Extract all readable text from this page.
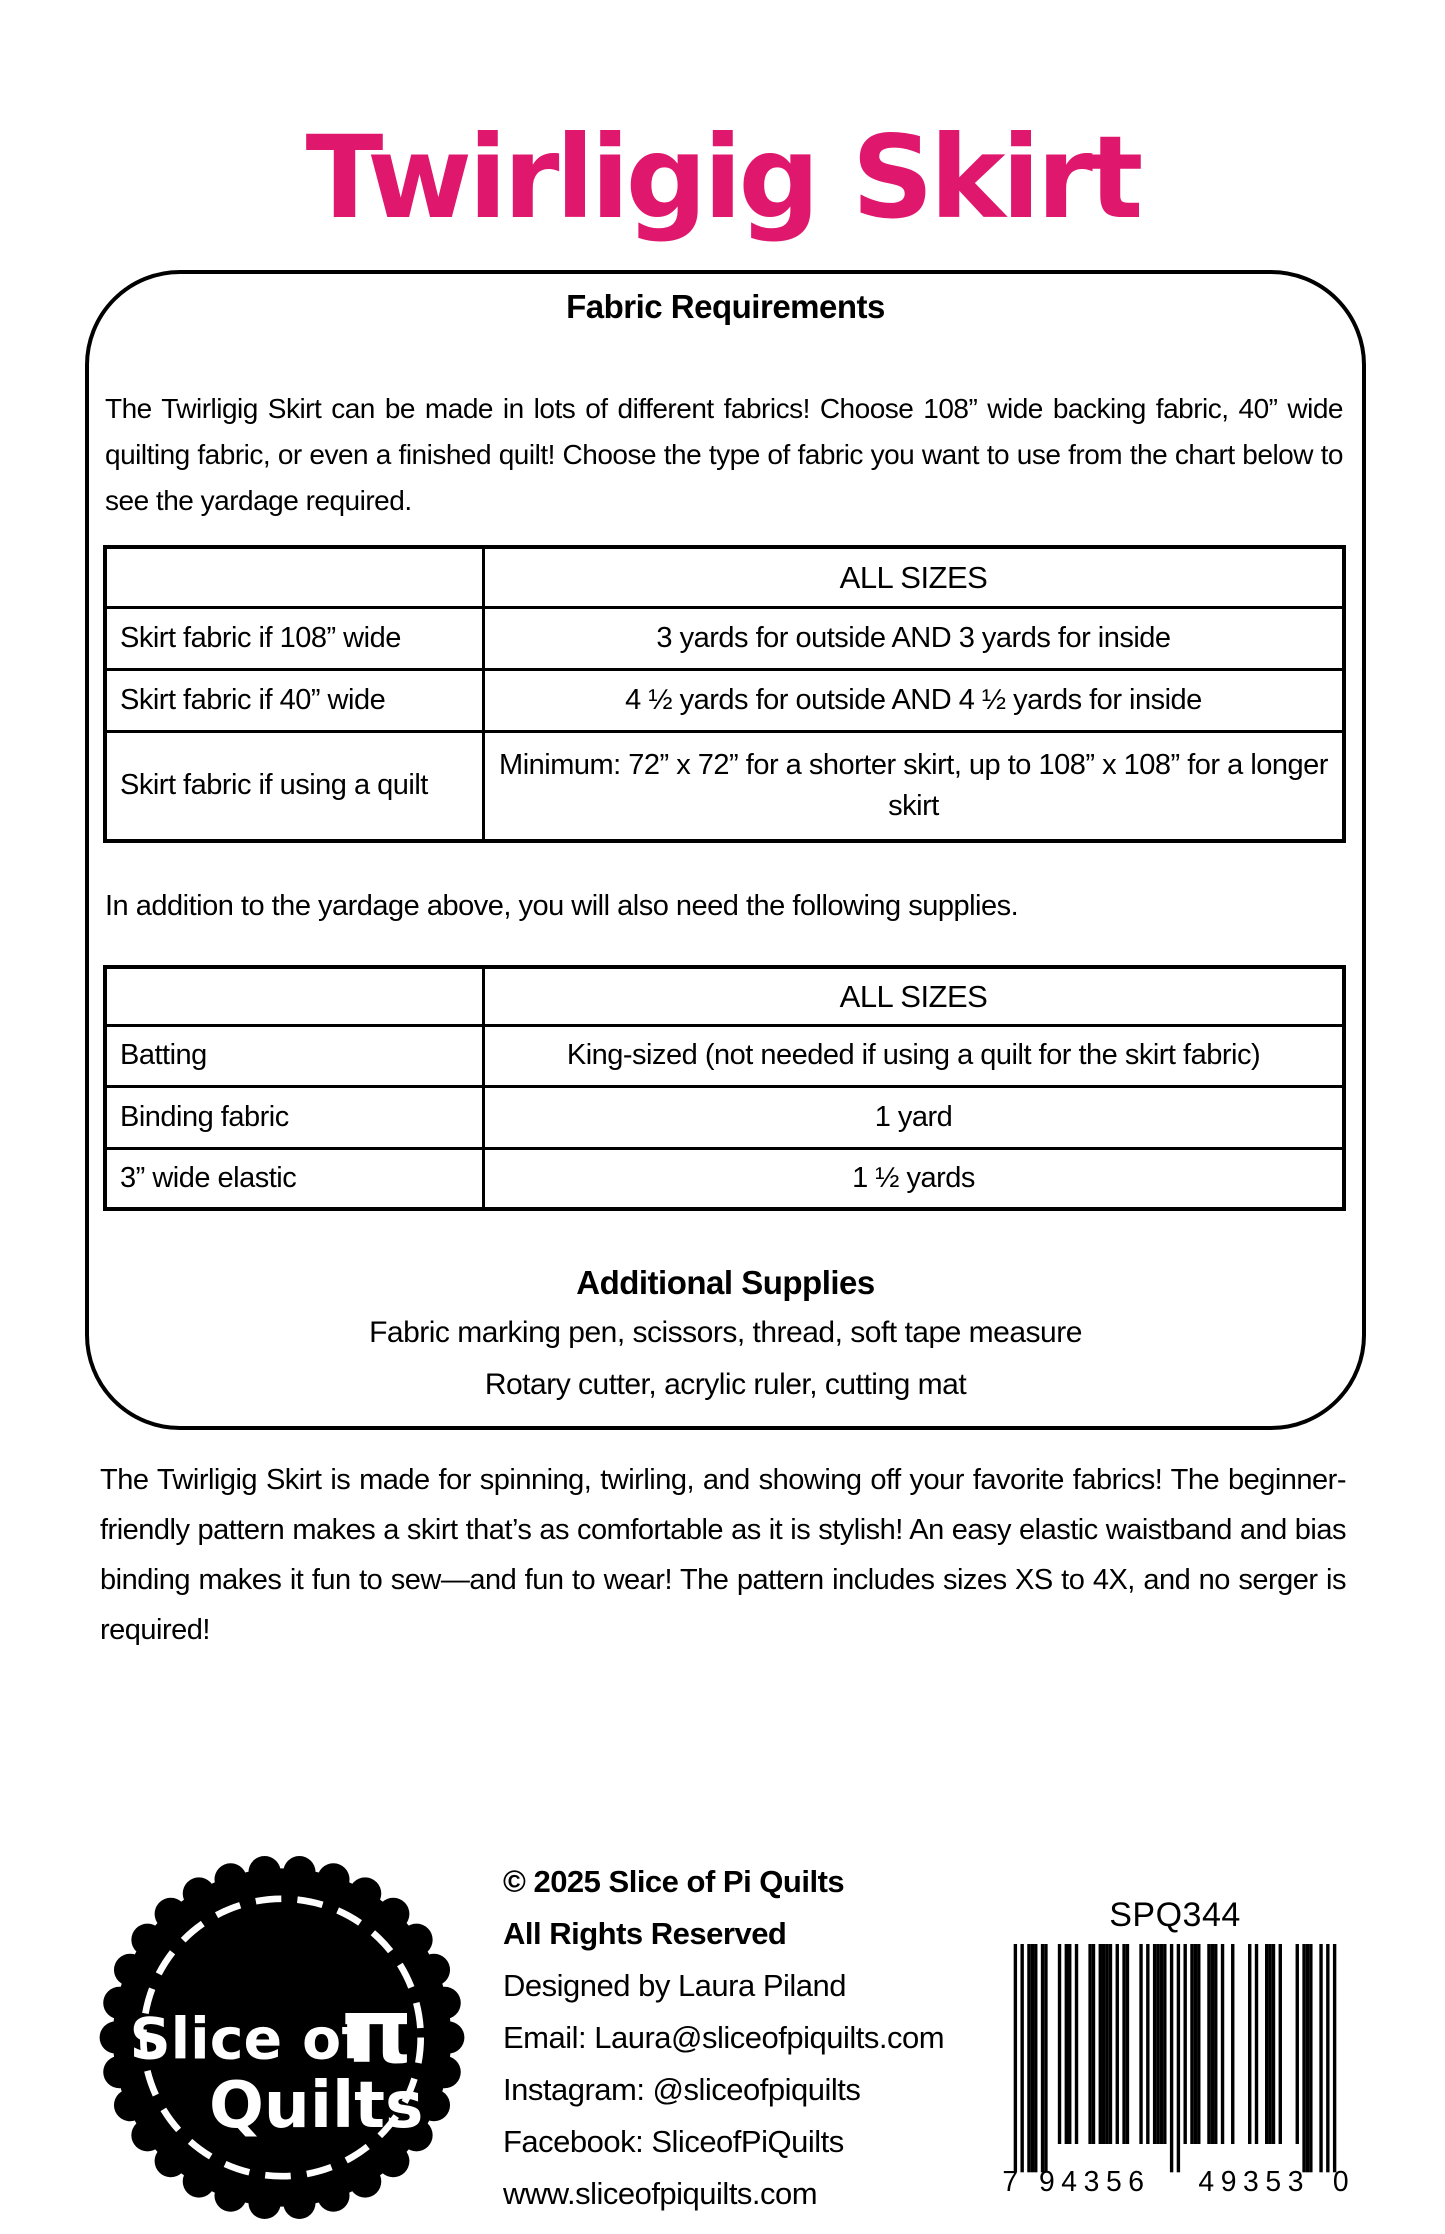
Twirligig Skirt
Fabric Requirements

The Twirligig Skirt can be made in lots of different fabrics! Choose 108” wide backing fabric, 40” wide quilting fabric, or even a finished quilt! Choose the type of fabric you want to use from the chart below to see the yardage required.

	ALL SIZES
Skirt fabric if 108” wide	3 yards for outside AND 3 yards for inside
Skirt fabric if 40” wide	4 ½ yards for outside AND 4 ½ yards for inside
Skirt fabric if using a quilt	Minimum: 72” x 72” for a shorter skirt, up to 108” x 108” for a longer skirt

In addition to the yardage above, you will also need the following supplies.

	ALL SIZES
Batting	King-sized (not needed if using a quilt for the skirt fabric)
Binding fabric	1 yard
3” wide elastic	1 ½ yards
Additional Supplies
Fabric marking pen, scissors, thread, soft tape measure
Rotary cutter, acrylic ruler, cutting mat

The Twirligig Skirt is made for spinning, twirling, and showing off your favorite fabrics! The beginner-friendly pattern makes a skirt that’s as comfortable as it is stylish! An easy elastic waistband and bias binding makes it fun to sew—and fun to wear! The pattern includes sizes XS to 4X, and no serger is required!

Slice of
π
Quilts
© 2025 Slice of Pi Quilts
All Rights Reserved
Designed by Laura Piland
Email: Laura@sliceofpiquilts.com
Instagram: @sliceofpiquilts
Facebook: SliceofPiQuilts
www.sliceofpiquilts.com
SPQ344
7 94356 49353 0
